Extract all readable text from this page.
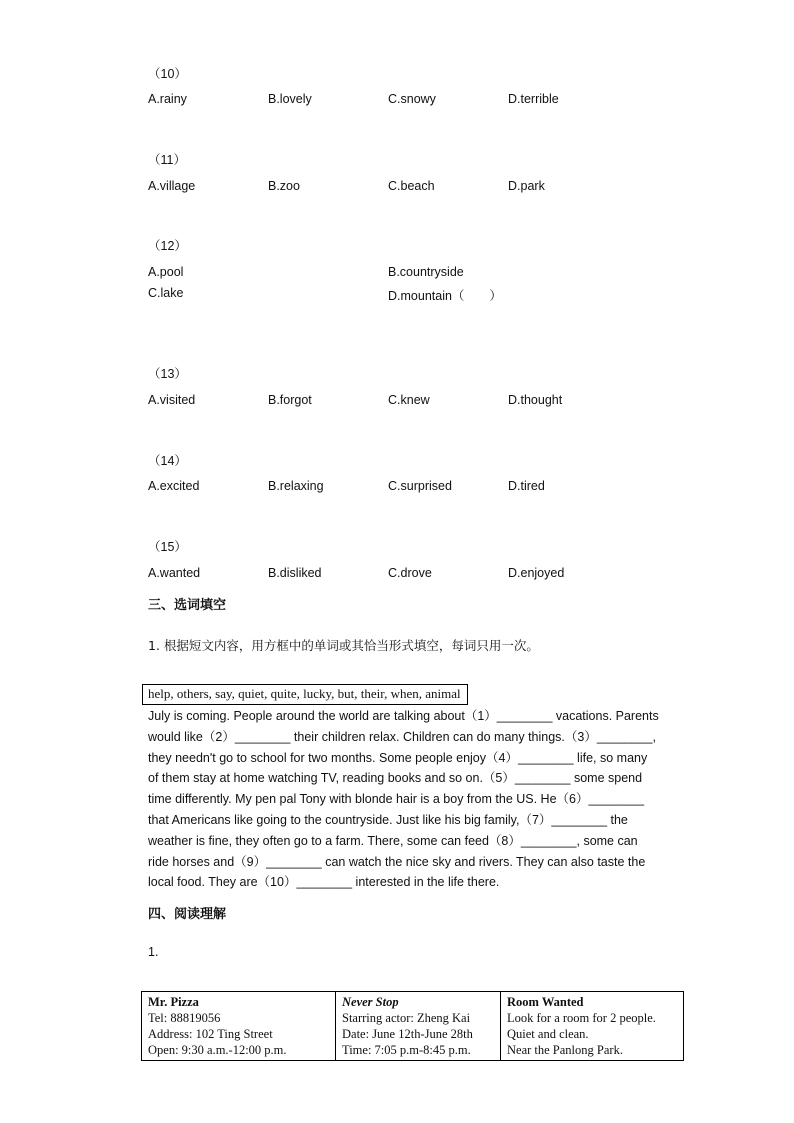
（10）
A.rainy	B.lovely	C.snowy	D.terrible
（11）
A.village	B.zoo	C.beach	D.park
（12）
A.pool	B.countryside
C.lake	D.mountain（　　）
（13）
A.visited	B.forgot	C.knew	D.thought
（14）
A.excited	B.relaxing	C.surprised	D.tired
（15）
A.wanted	B.disliked	C.drove	D.enjoyed
三、选词填空
1. 根据短文内容，用方框中的单词或其恰当形式填空，每词只用一次。
help, others, say, quiet, quite, lucky, but, their, when, animal
July is coming. People around the world are talking about（1）________ vacations. Parents
would like（2）________ their children relax. Children can do many things.（3）________,
they needn't go to school for two months. Some people enjoy（4）________ life, so many
of them stay at home watching TV, reading books and so on.（5）________ some spend
time differently. My pen pal Tony with blonde hair is a boy from the US. He（6）________
that Americans like going to the countryside. Just like his big family,（7）________ the
weather is fine, they often go to a farm. There, some can feed（8）________, some can
ride horses and（9）________ can watch the nice sky and rivers. They can also taste the
local food. They are（10）________ interested in the life there.
四、阅读理解
1.
Mr. Pizza
Tel: 88819056
Address: 102 Ting Street
Open: 9:30 a.m.-12:00 p.m.

Never Stop
Starring actor: Zheng Kai
Date: June 12th-June 28th
Time: 7:05 p.m-8:45 p.m.

Room Wanted
Look for a room for 2 people.
Quiet and clean.
Near the Panlong Park.
